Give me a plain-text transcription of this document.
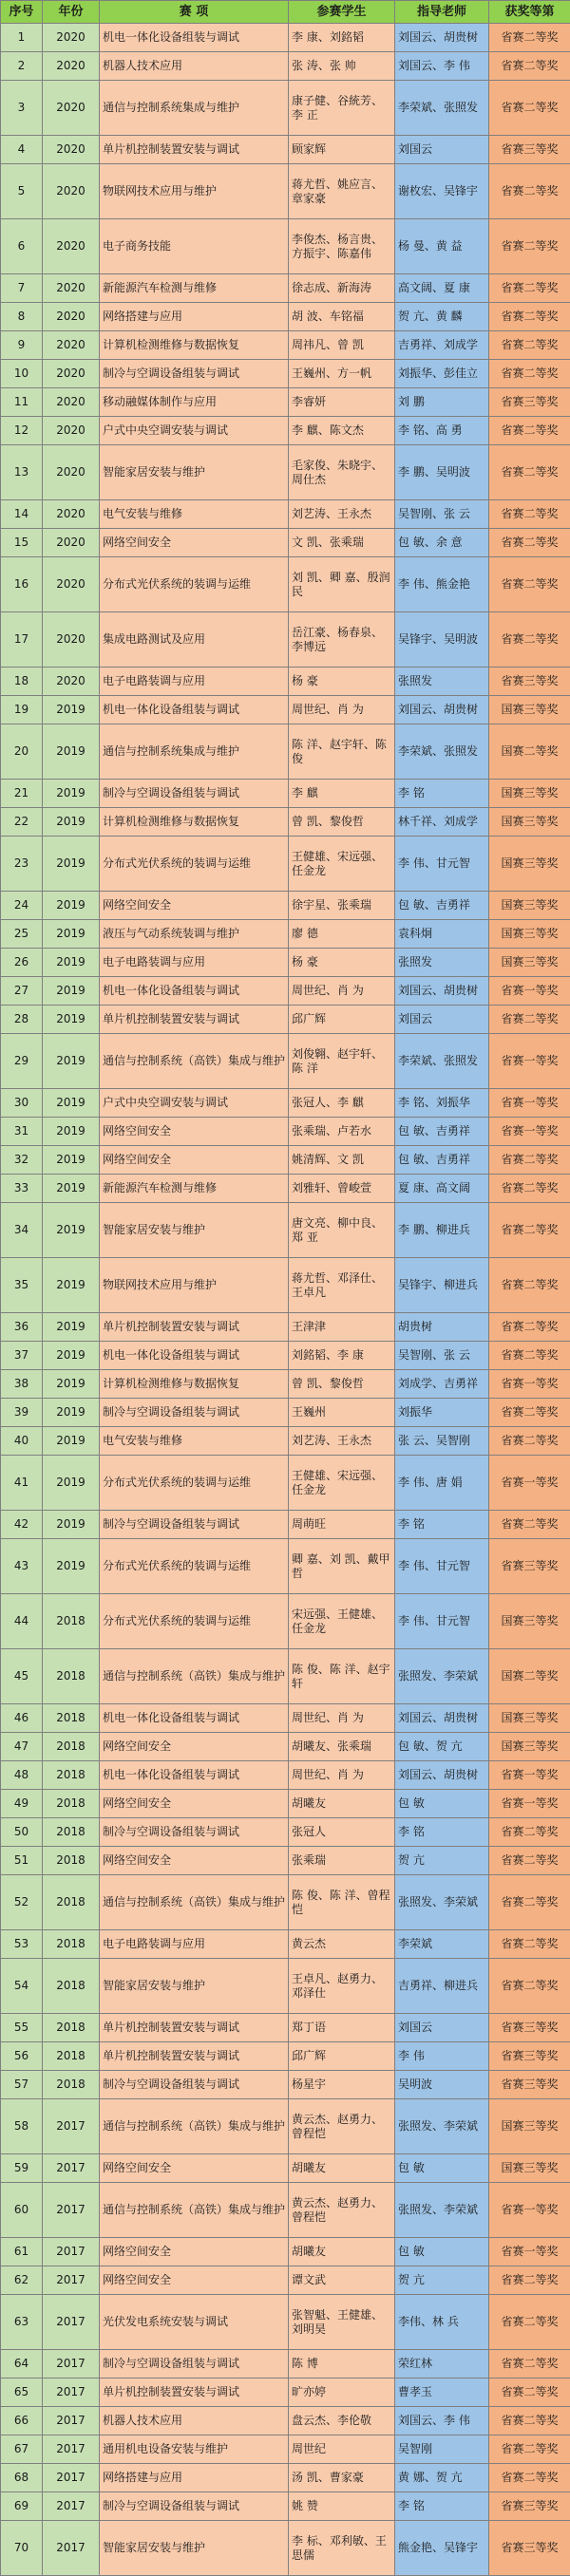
序号	年份	赛 项	参赛学生	指导老师	获奖等第
1	2020	机电一体化设备组装与调试	李 康、刘銘韬	刘国云、胡贵树	省赛二等奖
2	2020	机器人技术应用	张 涛、张 帅	刘国云、李 伟	省赛二等奖
3	2020	通信与控制系统集成与维护	康子健、谷統芳、李 正	李荣斌、张照发	省赛二等奖
4	2020	单片机控制装置安装与调试	顾家辉	刘国云	省赛三等奖
5	2020	物联网技术应用与维护	蒋尤哲、姚应言、章家豪	谢枚宏、吴锋宇	省赛二等奖
6	2020	电子商务技能	李俊杰、杨言贵、方振宇、陈嘉伟	杨 曼、黄 益	省赛二等奖
7	2020	新能源汽车检测与维修	徐志成、新海涛	高文阔、夏 康	省赛二等奖
8	2020	网络搭建与应用	胡 波、车铭福	贺 亢、黄 麟	省赛二等奖
9	2020	计算机检测维修与数据恢复	周祎凡、曾 凯	吉勇祥、刘成学	省赛二等奖
10	2020	制冷与空调设备组装与调试	王巍州、方一帆	刘振华、彭佳立	省赛二等奖
11	2020	移动融媒体制作与应用	李睿妍	刘 鹏	省赛三等奖
12	2020	户式中央空调安装与调试	李 麒、陈文杰	李 铭、高 勇	省赛二等奖
13	2020	智能家居安装与维护	毛家俊、朱晓宇、周仕杰	李 鹏、吴明波	省赛二等奖
14	2020	电气安装与维修	刘艺涛、王永杰	吴智刚、张 云	省赛二等奖
15	2020	网络空间安全	文 凯、张乘瑞	包 敏、余 意	省赛二等奖
16	2020	分布式光伏系统的装调与运维	刘 凯、卿 嘉、殷润民	李 伟、熊金艳	省赛二等奖
17	2020	集成电路测试及应用	岳江豪、杨春泉、李博远	吴锋宇、吴明波	省赛二等奖
18	2020	电子电路装调与应用	杨 豪	张照发	省赛三等奖
19	2019	机电一体化设备组装与调试	周世纪、肖 为	刘国云、胡贵树	国赛三等奖
20	2019	通信与控制系统集成与维护	陈 洋、赵宇轩、陈 俊	李荣斌、张照发	国赛二等奖
21	2019	制冷与空调设备组装与调试	李 麒	李 铭	国赛三等奖
22	2019	计算机检测维修与数据恢复	曾 凯、黎俊哲	林千祥、刘成学	国赛三等奖
23	2019	分布式光伏系统的装调与运维	王健雄、宋远强、任金龙	李 伟、甘元智	国赛三等奖
24	2019	网络空间安全	徐宇星、张乘瑞	包 敏、吉勇祥	国赛三等奖
25	2019	液压与气动系统装调与维护	廖 德	袁科炯	国赛三等奖
26	2019	电子电路装调与应用	杨 豪	张照发	国赛三等奖
27	2019	机电一体化设备组装与调试	周世纪、肖 为	刘国云、胡贵树	省赛一等奖
28	2019	单片机控制装置安装与调试	邱广辉	刘国云	省赛二等奖
29	2019	通信与控制系统（高铁）集成与维护	刘俊翱、赵宇轩、陈 洋	李荣斌、张照发	省赛一等奖
30	2019	户式中央空调安装与调试	张冠人、李 麒	李 铭、刘振华	省赛一等奖
31	2019	网络空间安全	张乘瑞、卢若水	包 敏、吉勇祥	省赛一等奖
32	2019	网络空间安全	姚清辉、文 凯	包 敏、吉勇祥	省赛二等奖
33	2019	新能源汽车检测与维修	刘雅轩、曾峻萱	夏 康、高文阔	省赛二等奖
34	2019	智能家居安装与维护	唐文亮、柳中良、郑 亚	李 鹏、柳进兵	省赛二等奖
35	2019	物联网技术应用与维护	蒋尤哲、邓泽仕、王卓凡	吴锋宇、柳进兵	省赛二等奖
36	2019	单片机控制装置安装与调试	王津津	胡贵树	省赛二等奖
37	2019	机电一体化设备组装与调试	刘銘韬、李 康	吴智刚、张 云	省赛二等奖
38	2019	计算机检测维修与数据恢复	曾 凯、黎俊哲	刘成学、吉勇祥	省赛一等奖
39	2019	制冷与空调设备组装与调试	王巍州	刘振华	省赛二等奖
40	2019	电气安装与维修	刘艺涛、王永杰	张 云、吴智刚	省赛二等奖
41	2019	分布式光伏系统的装调与运维	王健雄、宋远强、任金龙	李 伟、唐 娟	省赛一等奖
42	2019	制冷与空调设备组装与调试	周萌旺	李 铭	省赛二等奖
43	2019	分布式光伏系统的装调与运维	卿 嘉、刘 凯、戴甲哲	李 伟、甘元智	省赛三等奖
44	2018	分布式光伏系统的装调与运维	宋远强、王健雄、任金龙	李 伟、甘元智	国赛三等奖
45	2018	通信与控制系统（高铁）集成与维护	陈 俊、陈 洋、赵宇轩	张照发、李荣斌	国赛二等奖
46	2018	机电一体化设备组装与调试	周世纪、肖 为	刘国云、胡贵树	国赛三等奖
47	2018	网络空间安全	胡曦友、张乘瑞	包 敏、贺 亢	国赛三等奖
48	2018	机电一体化设备组装与调试	周世纪、肖 为	刘国云、胡贵树	省赛一等奖
49	2018	网络空间安全	胡曦友	包 敏	省赛一等奖
50	2018	制冷与空调设备组装与调试	张冠人	李 铭	省赛二等奖
51	2018	网络空间安全	张乘瑞	贺 亢	省赛二等奖
52	2018	通信与控制系统（高铁）集成与维护	陈 俊、陈 洋、曾程恺	张照发、李荣斌	省赛二等奖
53	2018	电子电路装调与应用	黄云杰	李荣斌	省赛二等奖
54	2018	智能家居安装与维护	王卓凡、赵勇力、邓泽仕	吉勇祥、柳进兵	省赛二等奖
55	2018	单片机控制装置安装与调试	郑丁语	刘国云	省赛三等奖
56	2018	单片机控制装置安装与调试	邱广辉	李 伟	省赛三等奖
57	2018	制冷与空调设备组装与调试	杨星宇	吴明波	省赛三等奖
58	2017	通信与控制系统（高铁）集成与维护	黄云杰、赵勇力、曾程恺	张照发、李荣斌	国赛三等奖
59	2017	网络空间安全	胡曦友	包 敏	国赛三等奖
60	2017	通信与控制系统（高铁）集成与维护	黄云杰、赵勇力、曾程恺	张照发、李荣斌	省赛一等奖
61	2017	网络空间安全	胡曦友	包 敏	省赛一等奖
62	2017	网络空间安全	谭文武	贺 亢	省赛二等奖
63	2017	光伏发电系统安装与调试	张智魁、王健雄、刘明昊	李伟、林 兵	省赛二等奖
64	2017	制冷与空调设备组装与调试	陈 博	荣红林	省赛二等奖
65	2017	单片机控制装置安装与调试	旷亦婷	曹孝玉	省赛二等奖
66	2017	机器人技术应用	盘云杰、李伦敬	刘国云、李 伟	省赛二等奖
67	2017	通用机电设备安装与维护	周世纪	吴智刚	省赛二等奖
68	2017	网络搭建与应用	汤 凯、曹家豪	黄 娜、贺 亢	省赛二等奖
69	2017	制冷与空调设备组装与调试	姚 赞	李 铭	省赛三等奖
70	2017	智能家居安装与维护	李 标、邓利敏、王思儒	熊金艳、吴锋宇	省赛三等奖
